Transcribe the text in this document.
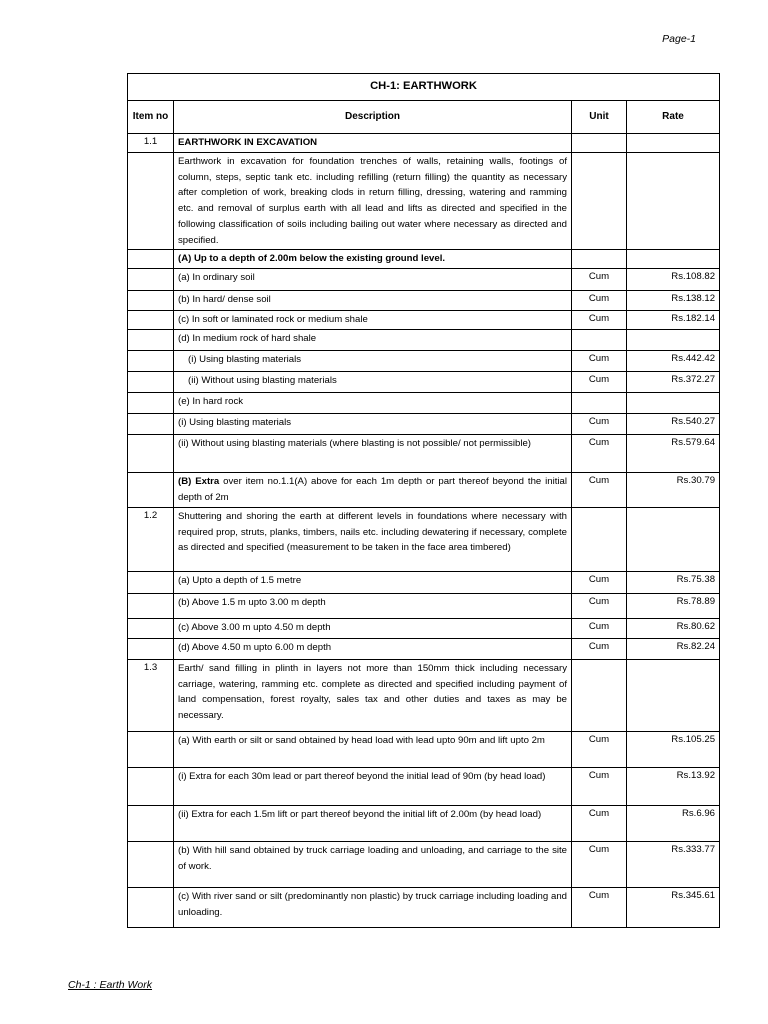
Page-1
CH-1: EARTHWORK			
Item no	Description	Unit	Rate
1.1	EARTHWORK IN EXCAVATION		
	Earthwork in excavation for foundation trenches of walls, retaining walls, footings of column, steps, septic tank etc. including refilling (return filling) the quantity as necessary after completion of work, breaking clods in return filling, dressing, watering and ramming etc. and removal of surplus earth with all lead and lifts as directed and specified in the following classification of soils including bailing out water where necessary as directed and specified.		
	(A) Up to a depth of 2.00m below the existing ground level.		
	(a) In ordinary soil	Cum	Rs.108.82
	(b) In hard/ dense soil	Cum	Rs.138.12
	(c) In soft or laminated rock or medium shale	Cum	Rs.182.14
	(d) In medium rock of hard shale		
	(i) Using blasting materials	Cum	Rs.442.42
	(ii) Without using blasting materials	Cum	Rs.372.27
	(e) In hard rock		
	(i) Using blasting materials	Cum	Rs.540.27
	(ii) Without using blasting materials (where blasting is not possible/ not permissible)	Cum	Rs.579.64
	(B) Extra over item no.1.1(A) above for each 1m depth or part thereof beyond the initial depth of 2m	Cum	Rs.30.79
1.2	Shuttering and shoring the earth at different levels in foundations where necessary with required prop, struts, planks, timbers, nails etc. including dewatering if necessary, complete as directed and specified (measurement to be taken in the face area timbered)		
	(a) Upto a depth of 1.5 metre	Cum	Rs.75.38
	(b) Above 1.5 m upto 3.00 m depth	Cum	Rs.78.89
	(c) Above 3.00 m upto 4.50 m depth	Cum	Rs.80.62
	(d) Above 4.50 m upto 6.00 m depth	Cum	Rs.82.24
1.3	Earth/ sand filling in plinth in layers not more than 150mm thick including necessary carriage, watering, ramming etc. complete as directed and specified including payment of land compensation, forest royalty, sales tax and other duties and taxes as may be necessary.		
	(a) With earth or silt or sand obtained by head load with lead upto 90m and lift upto 2m	Cum	Rs.105.25
	(i) Extra for each 30m lead or part thereof beyond the initial lead of 90m (by head load)	Cum	Rs.13.92
	(ii) Extra for each 1.5m lift or part thereof beyond the initial lift of 2.00m (by head load)	Cum	Rs.6.96
	(b) With hill sand obtained by truck carriage loading and unloading, and carriage to the site of work.	Cum	Rs.333.77
	(c) With river sand or silt (predominantly non plastic) by truck carriage including loading and unloading.	Cum	Rs.345.61
Ch-1 : Earth Work
